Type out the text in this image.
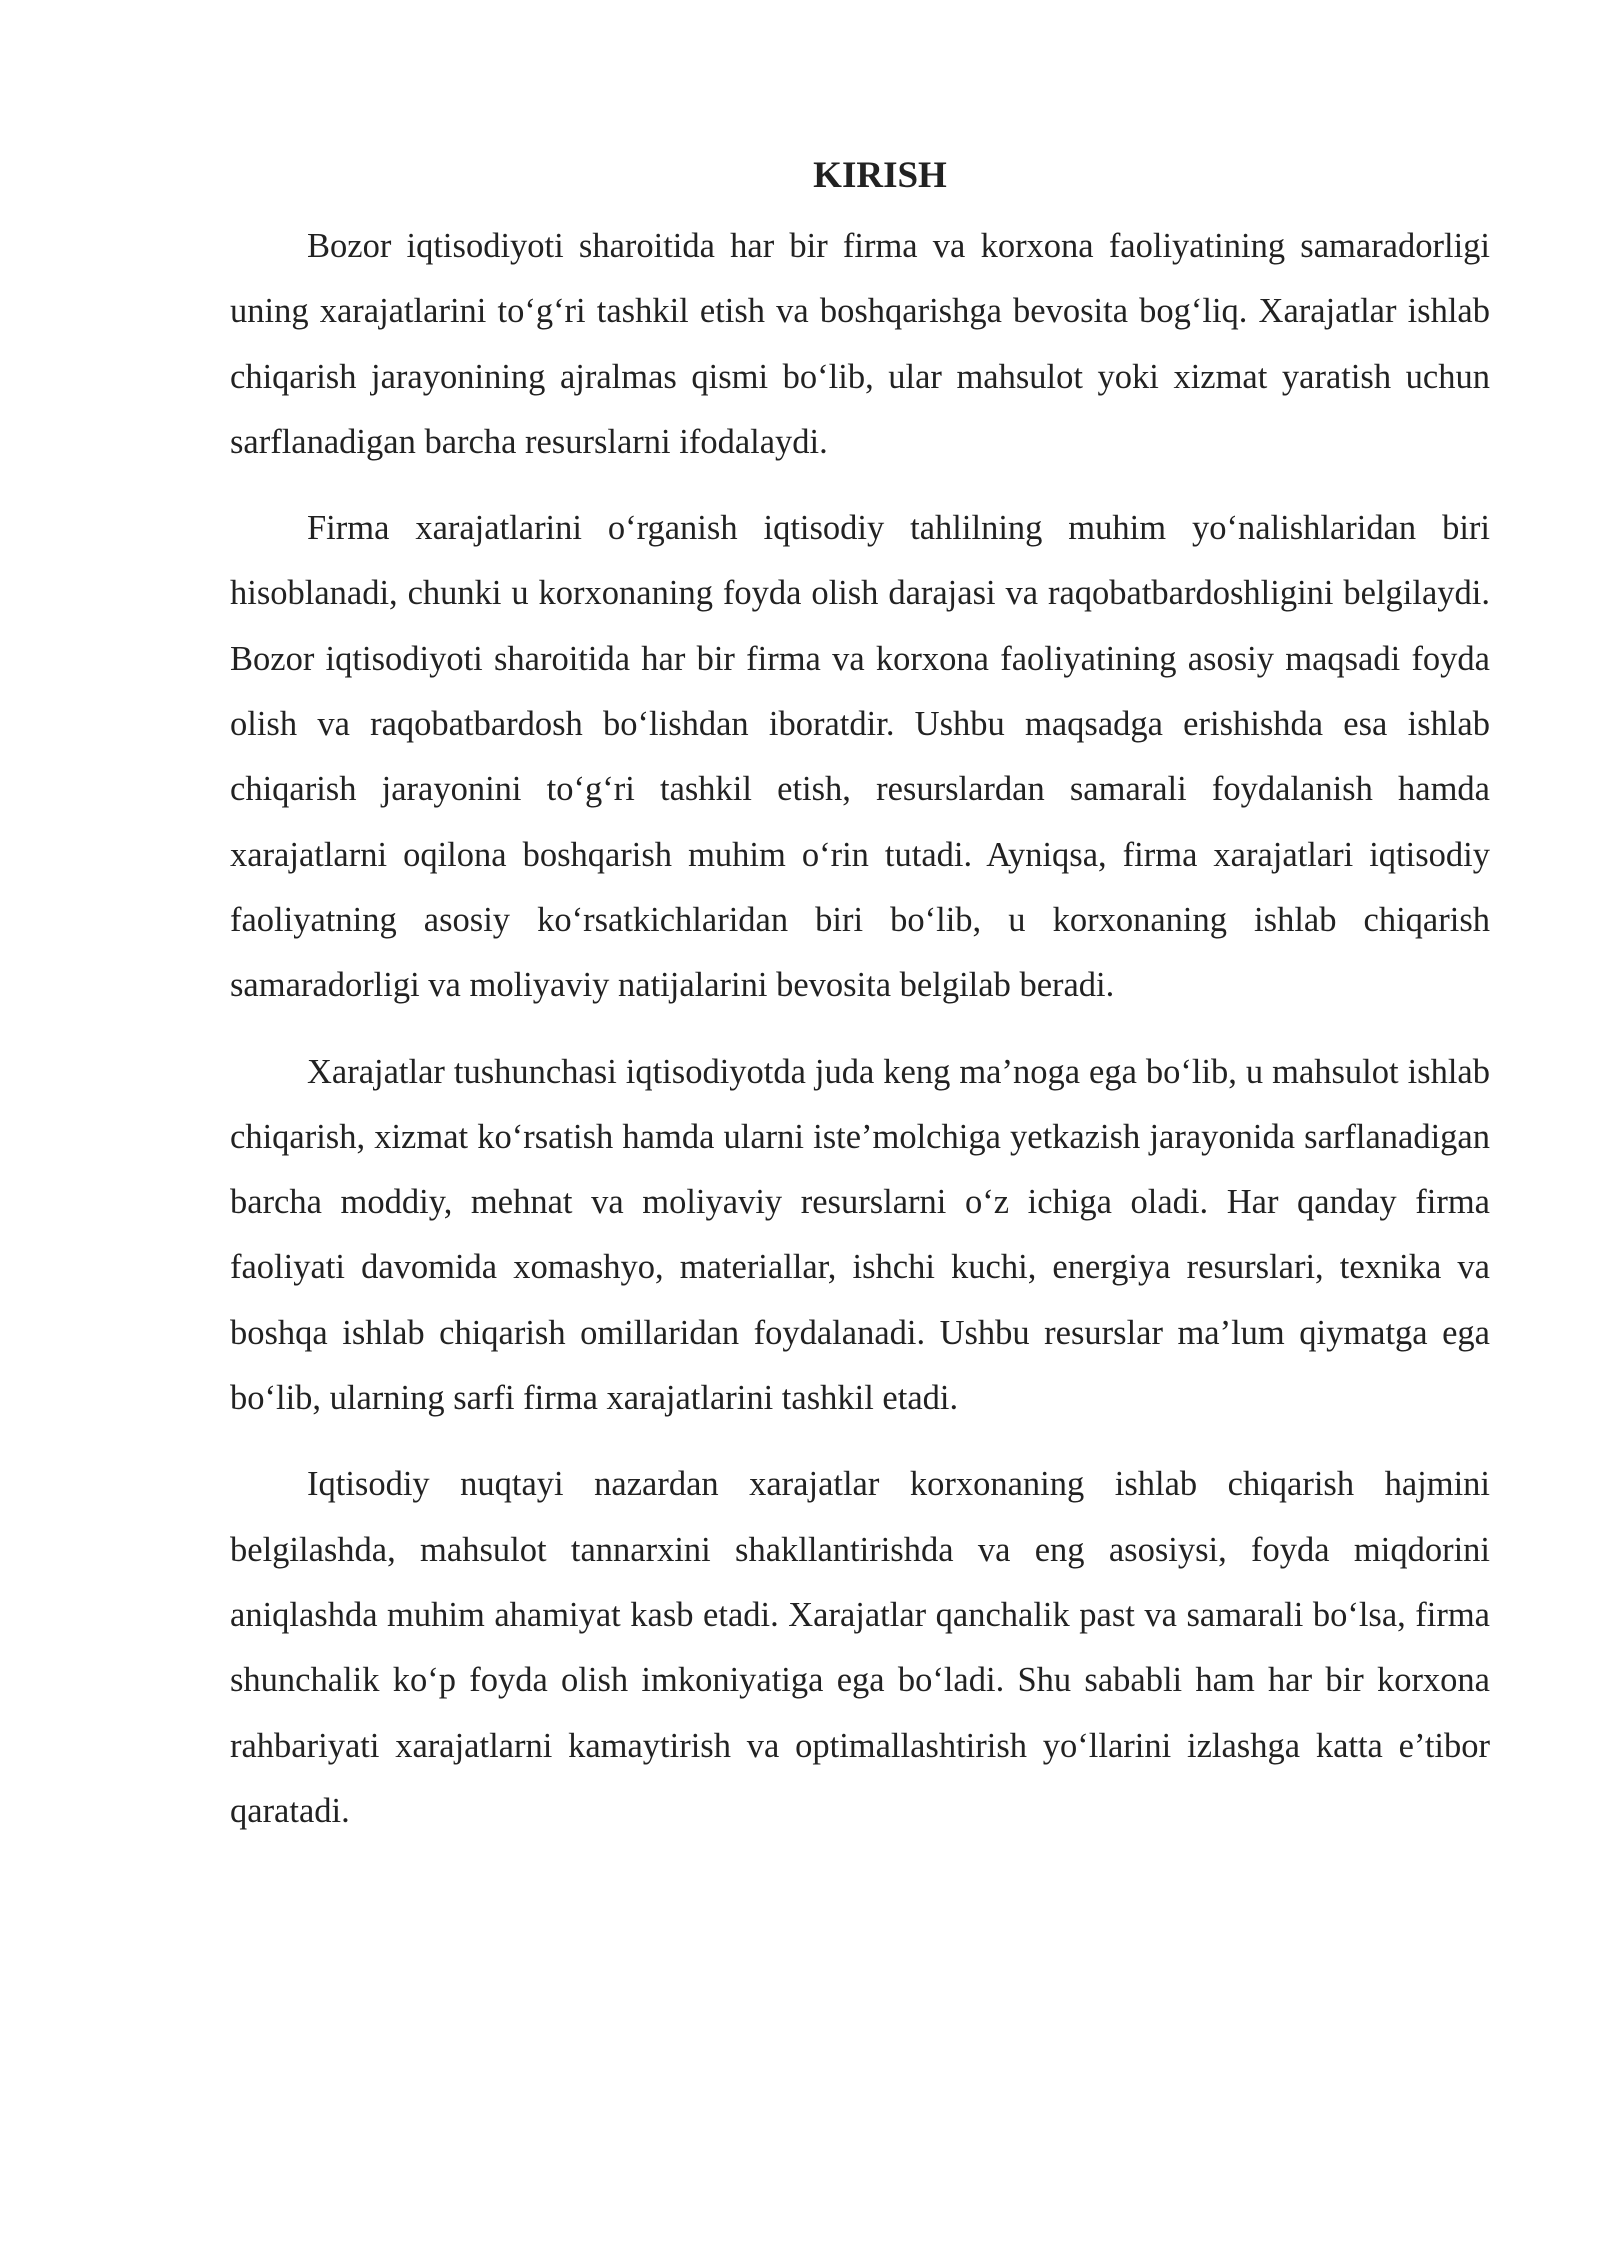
KIRISH

Bozor iqtisodiyoti sharoitida har bir firma va korxona faoliyatining samaradorligi uning xarajatlarini to‘g‘ri tashkil etish va boshqarishga bevosita bog‘liq. Xarajatlar ishlab chiqarish jarayonining ajralmas qismi bo‘lib, ular mahsulot yoki xizmat yaratish uchun sarflanadigan barcha resurslarni ifodalaydi.

Firma xarajatlarini o‘rganish iqtisodiy tahlilning muhim yo‘nalishlaridan biri hisoblanadi, chunki u korxonaning foyda olish darajasi va raqobatbardoshligini belgilaydi. Bozor iqtisodiyoti sharoitida har bir firma va korxona faoliyatining asosiy maqsadi foyda olish va raqobatbardosh bo‘lishdan iboratdir. Ushbu maqsadga erishishda esa ishlab chiqarish jarayonini to‘g‘ri tashkil etish, resurslardan samarali foydalanish hamda xarajatlarni oqilona boshqarish muhim o‘rin tutadi. Ayniqsa, firma xarajatlari iqtisodiy faoliyatning asosiy ko‘rsatkichlaridan biri bo‘lib, u korxonaning ishlab chiqarish samaradorligi va moliyaviy natijalarini bevosita belgilab beradi.

Xarajatlar tushunchasi iqtisodiyotda juda keng ma’noga ega bo‘lib, u mahsulot ishlab chiqarish, xizmat ko‘rsatish hamda ularni iste’molchiga yetkazish jarayonida sarflanadigan barcha moddiy, mehnat va moliyaviy resurslarni o‘z ichiga oladi. Har qanday firma faoliyati davomida xomashyo, materiallar, ishchi kuchi, energiya resurslari, texnika va boshqa ishlab chiqarish omillaridan foydalanadi. Ushbu resurslar ma’lum qiymatga ega bo‘lib, ularning sarfi firma xarajatlarini tashkil etadi.

Iqtisodiy nuqtayi nazardan xarajatlar korxonaning ishlab chiqarish hajmini belgilashda, mahsulot tannarxini shakllantirishda va eng asosiysi, foyda miqdorini aniqlashda muhim ahamiyat kasb etadi. Xarajatlar qanchalik past va samarali bo‘lsa, firma shunchalik ko‘p foyda olish imkoniyatiga ega bo‘ladi. Shu sababli ham har bir korxona rahbariyati xarajatlarni kamaytirish va optimallashtirish yo‘llarini izlashga katta e’tibor qaratadi.
